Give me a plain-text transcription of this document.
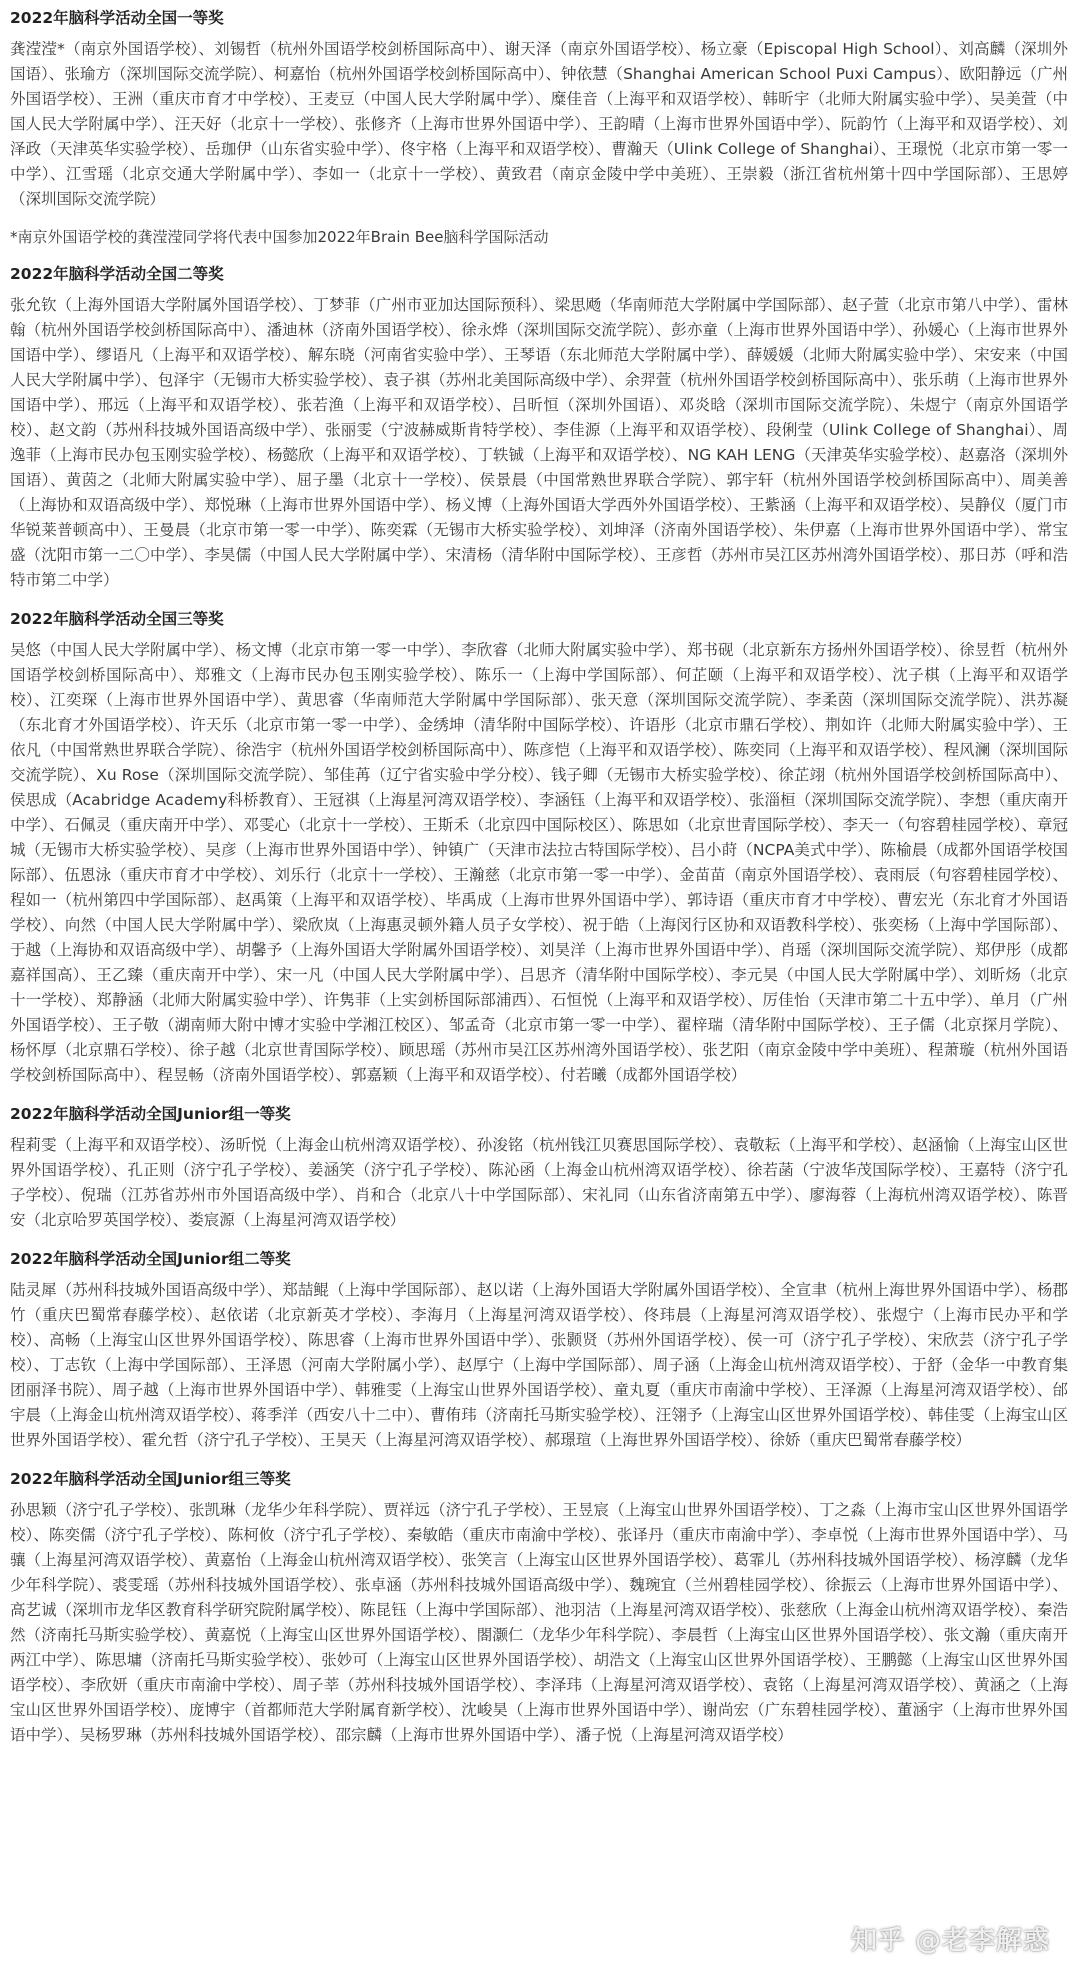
2022年脑科学活动全国一等奖

龚滢滢*（南京外国语学校）、刘锡哲（杭州外国语学校剑桥国际高中）、谢天泽（南京外国语学校）、杨立豪（Episcopal High School）、刘高麟（深圳外国语）、张瑜方（深圳国际交流学院）、柯嘉怡（杭州外国语学校剑桥国际高中）、钟依慧（Shanghai American School Puxi Campus）、欧阳静远（广州外国语学校）、王洲（重庆市育才中学校）、王麦豆（中国人民大学附属中学）、糜佳音（上海平和双语学校）、韩昕宇（北师大附属实验中学）、吴美萱（中国人民大学附属中学）、汪天好（北京十一学校）、张修齐（上海市世界外国语中学）、王韵晴（上海市世界外国语中学）、阮韵竹（上海平和双语学校）、刘泽政（天津英华实验学校）、岳珈伊（山东省实验中学）、佟宇格（上海平和双语学校）、曹瀚天（Ulink College of Shanghai）、王璟悦（北京市第一零一中学）、江雪瑶（北京交通大学附属中学）、李如一（北京十一学校）、黄致君（南京金陵中学中美班）、王崇毅（浙江省杭州第十四中学国际部）、王思婷（深圳国际交流学院）

*南京外国语学校的龚滢滢同学将代表中国参加2022年Brain Bee脑科学国际活动

2022年脑科学活动全国二等奖

张允钦（上海外国语大学附属外国语学校）、丁梦菲（广州市亚加达国际预科）、梁思飏（华南师范大学附属中学国际部）、赵子萱（北京市第八中学）、雷林翰（杭州外国语学校剑桥国际高中）、潘迪林（济南外国语学校）、徐永烨（深圳国际交流学院）、彭亦童（上海市世界外国语中学）、孙媛心（上海市世界外国语中学）、缪语凡（上海平和双语学校）、解东晓（河南省实验中学）、王琴语（东北师范大学附属中学）、薛媛媛（北师大附属实验中学）、宋安来（中国人民大学附属中学）、包泽宇（无锡市大桥实验学校）、袁子祺（苏州北美国际高级中学）、余羿萱（杭州外国语学校剑桥国际高中）、张乐萌（上海市世界外国语中学）、邢远（上海平和双语学校）、张若渔（上海平和双语学校）、吕昕恒（深圳外国语）、邓炎晗（深圳市国际交流学院）、朱煜宁（南京外国语学校）、赵文韵（苏州科技城外国语高级中学）、张丽雯（宁波赫威斯肯特学校）、李佳源（上海平和双语学校）、段俐莹（Ulink College of Shanghai）、周逸菲（上海市民办包玉刚实验学校）、杨懿欣（上海平和双语学校）、丁轶铖（上海平和双语学校）、NG KAH LENG（天津英华实验学校）、赵嘉洛（深圳外国语）、黄茵之（北师大附属实验中学）、屈子墨（北京十一学校）、侯景晨（中国常熟世界联合学院）、郭宇轩（杭州外国语学校剑桥国际高中）、周美善（上海协和双语高级中学）、郑悦琳（上海市世界外国语中学）、杨义博（上海外国语大学西外外国语学校）、王紫涵（上海平和双语学校）、吴静仪（厦门市华锐莱普顿高中）、王曼晨（北京市第一零一中学）、陈奕霖（无锡市大桥实验学校）、刘坤泽（济南外国语学校）、朱伊嘉（上海市世界外国语中学）、常宝盛（沈阳市第一二〇中学）、李昊儒（中国人民大学附属中学）、宋清杨（清华附中国际学校）、王彦哲（苏州市吴江区苏州湾外国语学校）、那日苏（呼和浩特市第二中学）

2022年脑科学活动全国三等奖

吴悠（中国人民大学附属中学）、杨文博（北京市第一零一中学）、李欣睿（北师大附属实验中学）、郑书砚（北京新东方扬州外国语学校）、徐昱哲（杭州外国语学校剑桥国际高中）、郑雅文（上海市民办包玉刚实验学校）、陈乐一（上海中学国际部）、何芷颐（上海平和双语学校）、沈子棋（上海平和双语学校）、江奕琛（上海市世界外国语中学）、黄思睿（华南师范大学附属中学国际部）、张天意（深圳国际交流学院）、李柔茵（深圳国际交流学院）、洪苏凝（东北育才外国语学校）、许天乐（北京市第一零一中学）、金绣坤（清华附中国际学校）、许语彤（北京市鼎石学校）、荆如许（北师大附属实验中学）、王依凡（中国常熟世界联合学院）、徐浩宇（杭州外国语学校剑桥国际高中）、陈彦恺（上海平和双语学校）、陈奕同（上海平和双语学校）、程风澜（深圳国际交流学院）、Xu Rose（深圳国际交流学院）、邹佳苒（辽宁省实验中学分校）、钱子卿（无锡市大桥实验学校）、徐芷翊（杭州外国语学校剑桥国际高中）、侯思成（Acabridge Academy科桥教育）、王冠祺（上海星河湾双语学校）、李涵钰（上海平和双语学校）、张淄桓（深圳国际交流学院）、李想（重庆南开中学）、石佩灵（重庆南开中学）、邓雯心（北京十一学校）、王斯禾（北京四中国际校区）、陈思如（北京世青国际学校）、李天一（句容碧桂园学校）、章冠城（无锡市大桥实验学校）、吴彦（上海市世界外国语中学）、钟镇广（天津市法拉古特国际学校）、吕小莳（NCPA美式中学）、陈榆晨（成都外国语学校国际部）、伍恩泳（重庆市育才中学校）、刘乐行（北京十一学校）、王瀚慈（北京市第一零一中学）、金苗苗（南京外国语学校）、袁雨辰（句容碧桂园学校）、程如一（杭州第四中学国际部）、赵禹策（上海平和双语学校）、毕禹成（上海市世界外国语中学）、郭诗语（重庆市育才中学校）、曹宏光（东北育才外国语学校）、向然（中国人民大学附属中学）、梁欣岚（上海惠灵顿外籍人员子女学校）、祝于皓（上海闵行区协和双语教科学校）、张奕杨（上海中学国际部）、于越（上海协和双语高级中学）、胡馨予（上海外国语大学附属外国语学校）、刘昊洋（上海市世界外国语中学）、肖瑶（深圳国际交流学院）、郑伊彤（成都嘉祥国高）、王乙臻（重庆南开中学）、宋一凡（中国人民大学附属中学）、吕思齐（清华附中国际学校）、李元昊（中国人民大学附属中学）、刘昕炀（北京十一学校）、郑静涵（北师大附属实验中学）、许隽菲（上实剑桥国际部浦西）、石恒悦（上海平和双语学校）、厉佳怡（天津市第二十五中学）、单月（广州外国语学校）、王子敬（湖南师大附中博才实验中学湘江校区）、邹孟奇（北京市第一零一中学）、翟梓瑞（清华附中国际学校）、王子儒（北京探月学院）、杨怀厚（北京鼎石学校）、徐子越（北京世青国际学校）、顾思瑶（苏州市吴江区苏州湾外国语学校）、张艺阳（南京金陵中学中美班）、程萧璇（杭州外国语学校剑桥国际高中）、程昱畅（济南外国语学校）、郭嘉颖（上海平和双语学校）、付若曦（成都外国语学校）

2022年脑科学活动全国Junior组一等奖

程莉雯（上海平和双语学校）、汤昕悦（上海金山杭州湾双语学校）、孙浚铭（杭州钱江贝赛思国际学校）、袁敬耘（上海平和学校）、赵涵愉（上海宝山区世界外国语学校）、孔正则（济宁孔子学校）、姜涵笑（济宁孔子学校）、陈沁函（上海金山杭州湾双语学校）、徐若菡（宁波华茂国际学校）、王嘉特（济宁孔子学校）、倪瑞（江苏省苏州市外国语高级中学）、肖和合（北京八十中学国际部）、宋礼同（山东省济南第五中学）、廖海蓉（上海杭州湾双语学校）、陈晋安（北京哈罗英国学校）、娄宸源（上海星河湾双语学校）

2022年脑科学活动全国Junior组二等奖

陆灵犀（苏州科技城外国语高级中学）、郑喆鲲（上海中学国际部）、赵以诺（上海外国语大学附属外国语学校）、全宣聿（杭州上海世界外国语中学）、杨郡竹（重庆巴蜀常春藤学校）、赵依诺（北京新英才学校）、李海月（上海星河湾双语学校）、佟玮晨（上海星河湾双语学校）、张煜宁（上海市民办平和学校）、高畅（上海宝山区世界外国语学校）、陈思睿（上海市世界外国语中学）、张颢贤（苏州外国语学校）、侯一可（济宁孔子学校）、宋欣芸（济宁孔子学校）、丁志钦（上海中学国际部）、王泽恩（河南大学附属小学）、赵厚宁（上海中学国际部）、周子涵（上海金山杭州湾双语学校）、于舒（金华一中教育集团丽泽书院）、周子越（上海市世界外国语中学）、韩雅雯（上海宝山世界外国语学校）、童丸夏（重庆市南渝中学校）、王泽源（上海星河湾双语学校）、邰宇晨（上海金山杭州湾双语学校）、蒋季洋（西安八十二中）、曹侑玮（济南托马斯实验学校）、汪翎予（上海宝山区世界外国语学校）、韩佳雯（上海宝山区世界外国语学校）、霍允哲（济宁孔子学校）、王昊天（上海星河湾双语学校）、郝璟瑄（上海世界外国语学校）、徐娇（重庆巴蜀常春藤学校）

2022年脑科学活动全国Junior组三等奖

孙思颖（济宁孔子学校）、张凯琳（龙华少年科学院）、贾祥远（济宁孔子学校）、王昱宸（上海宝山世界外国语学校）、丁之淼（上海市宝山区世界外国语学校）、陈奕儒（济宁孔子学校）、陈柯攸（济宁孔子学校）、秦敏皓（重庆市南渝中学校）、张译丹（重庆市南渝中学）、李卓悦（上海市世界外国语中学）、马骧（上海星河湾双语学校）、黄嘉怡（上海金山杭州湾双语学校）、张笑言（上海宝山区世界外国语学校）、葛霏儿（苏州科技城外国语学校）、杨淳麟（龙华少年科学院）、裘雯瑶（苏州科技城外国语学校）、张卓涵（苏州科技城外国语高级中学）、魏琬宜（兰州碧桂园学校）、徐振云（上海市世界外国语中学）、高艺诚（深圳市龙华区教育科学研究院附属学校）、陈昆钰（上海中学国际部）、池羽洁（上海星河湾双语学校）、张慈欣（上海金山杭州湾双语学校）、秦浩然（济南托马斯实验学校）、黄嘉悦（上海宝山区世界外国语学校）、閤灏仁（龙华少年科学院）、李晨哲（上海宝山区世界外国语学校）、张文瀚（重庆南开两江中学）、陈思墉（济南托马斯实验学校）、张妙可（上海宝山区世界外国语学校）、胡浩文（上海宝山区世界外国语学校）、王鹏懿（上海宝山区世界外国语学校）、李欣妍（重庆市南渝中学校）、周子莘（苏州科技城外国语学校）、李泽玮（上海星河湾双语学校）、袁铭（上海星河湾双语学校）、黄涵之（上海宝山区世界外国语学校）、庞博宇（首都师范大学附属育新学校）、沈峻昊（上海市世界外国语中学）、谢尚宏（广东碧桂园学校）、董涵宇（上海市世界外国语中学）、吴杨罗琳（苏州科技城外国语学校）、邵宗麟（上海市世界外国语中学）、潘子悦（上海星河湾双语学校）

知乎 @老李解惑
